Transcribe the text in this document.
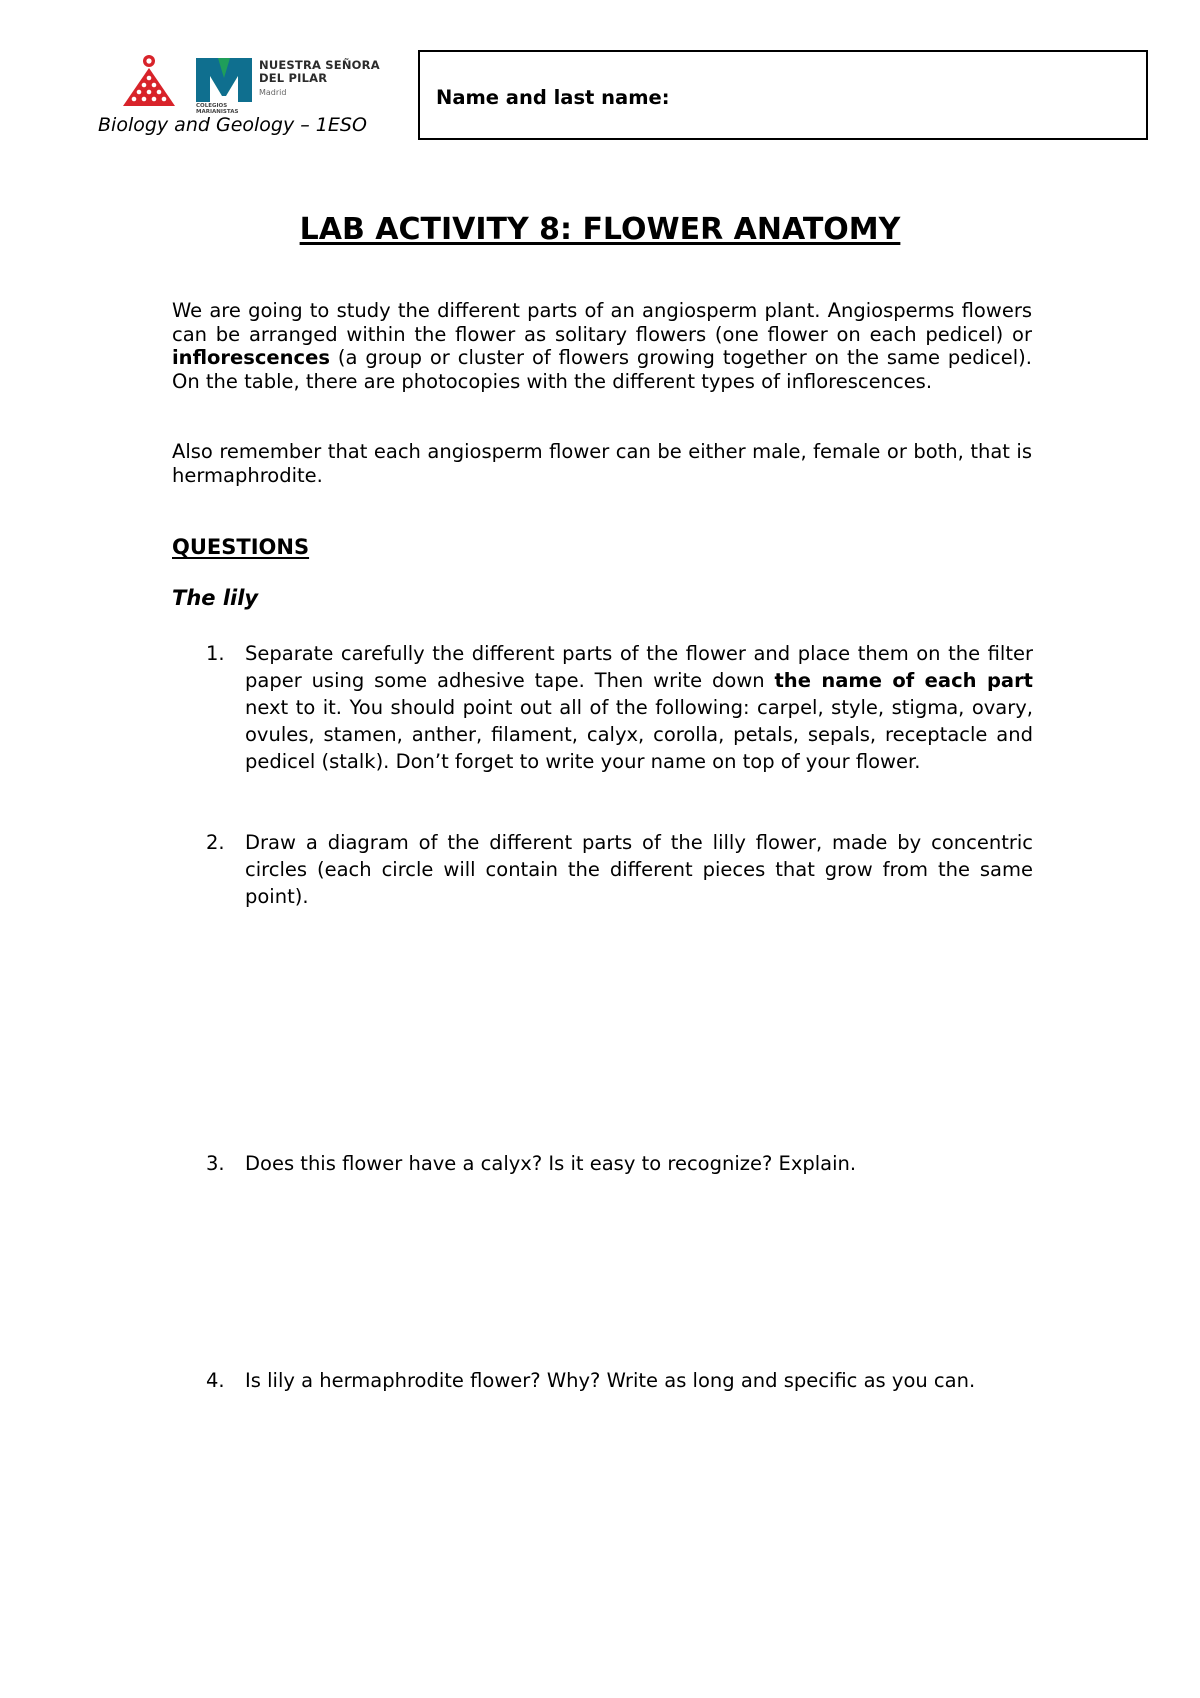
NUESTRA SEÑORA
DEL PILAR
Madrid
COLEGIOS
MARIANISTAS
Biology and Geology – 1ESO
Name and last name:
LAB ACTIVITY 8: FLOWER ANATOMY

We are going to study the different parts of an angiosperm plant. Angiosperms flowers can be arranged within the flower as solitary flowers (one flower on each pedicel) or inflorescences (a group or cluster of flowers growing together on the same pedicel). On the table, there are photocopies with the different types of inflorescences.

Also remember that each angiosperm flower can be either male, female or both, that is hermaphrodite.

QUESTIONS
The lily
1. Separate carefully the different parts of the flower and place them on the filter paper using some adhesive tape. Then write down the name of each part next to it. You should point out all of the following: carpel, style, stigma, ovary, ovules, stamen, anther, filament, calyx, corolla, petals, sepals, receptacle and pedicel (stalk). Don’t forget to write your name on top of your flower.
2. Draw a diagram of the different parts of the lilly flower, made by concentric circles (each circle will contain the different pieces that grow from the same point).
3. Does this flower have a calyx? Is it easy to recognize? Explain.
4. Is lily a hermaphrodite flower? Why? Write as long and specific as you can.
